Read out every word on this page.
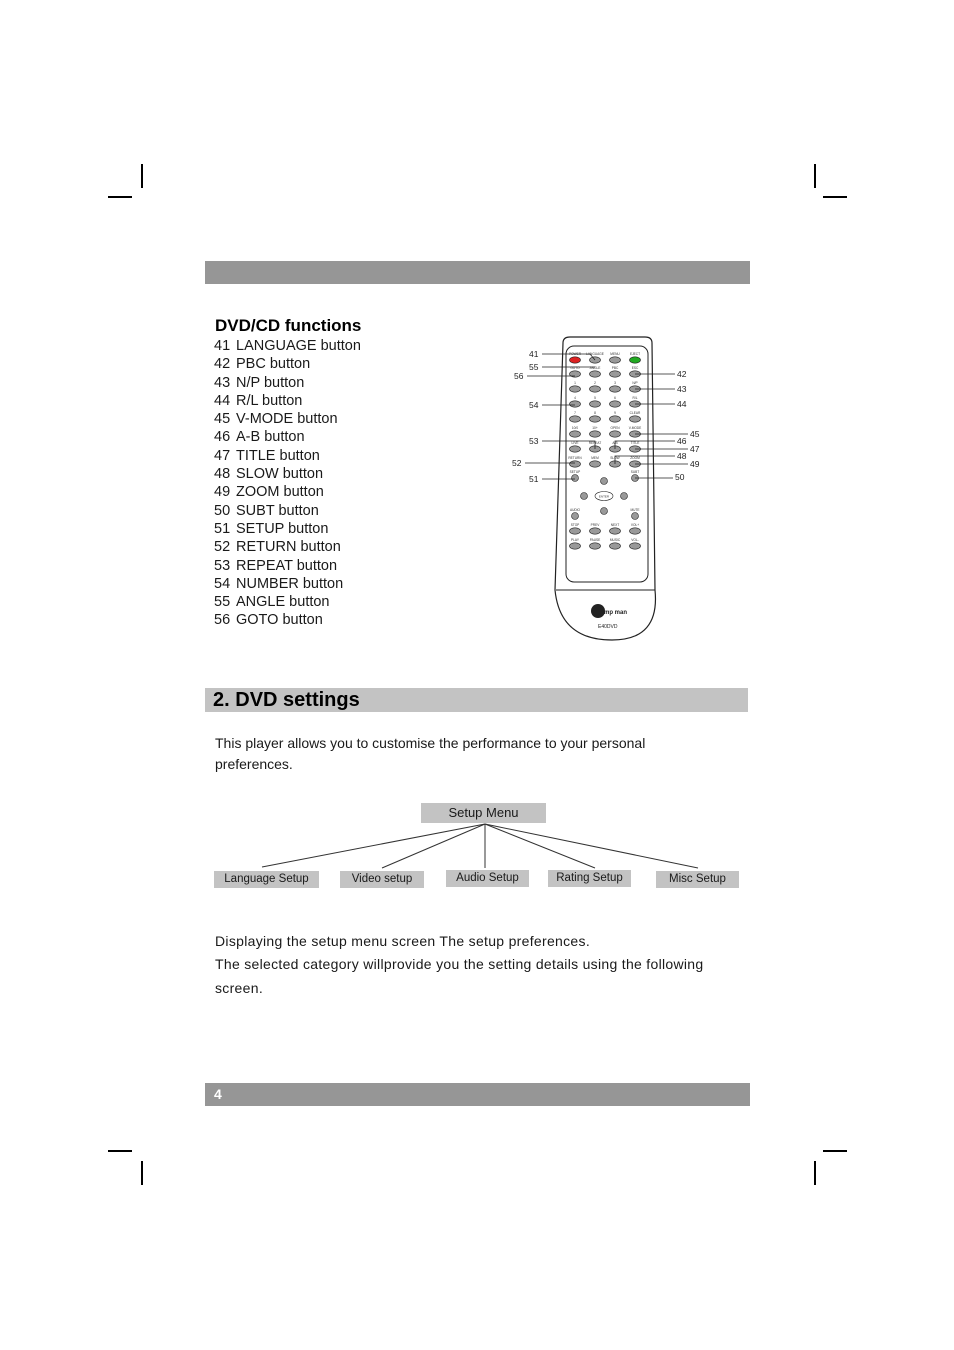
DVD/CD functions
41 LANGUAGE button
42 PBC button
43 N/P button
44 R/L button
45 V-MODE button
46 A-B button
47 TITLE button
48 SLOW button
49 ZOOM button
50 SUBT button
51 SETUP button
52 RETURN button
53 REPEAT button
54 NUMBER button
55 ANGLE button
56 GOTO button	mp man
E40DVD
POWER LANGUAGE MENU	EJECT
GOTO	ANGLE	PBC	ESC
1	2	3	N/P
4	5	6	R/L
7	8	9	CLEAR
10/0	10+	OPEN	V-MODE
LIVE	REPEAT	A-B	TITLE
RETURN	MEM	SLOW	ZOOM
SETUP	SUBT
ENTER
AUDIO	MUTE
STOP	PREV	NEXT	VOL+
PLAY	PAUSE	MUSIC	VOL-
41
55
56
54
53
52
51
42
43
44
45
46
47
48
49
50
2. DVD settings

This player allows you to customise the performance to your personal preferences.

Setup Menu
Language Setup	Video setup	Audio Setup	Rating Setup	Misc Setup
Displaying the setup menu screen The setup preferences.
The selected category willprovide you the setting details using the following screen.
4
